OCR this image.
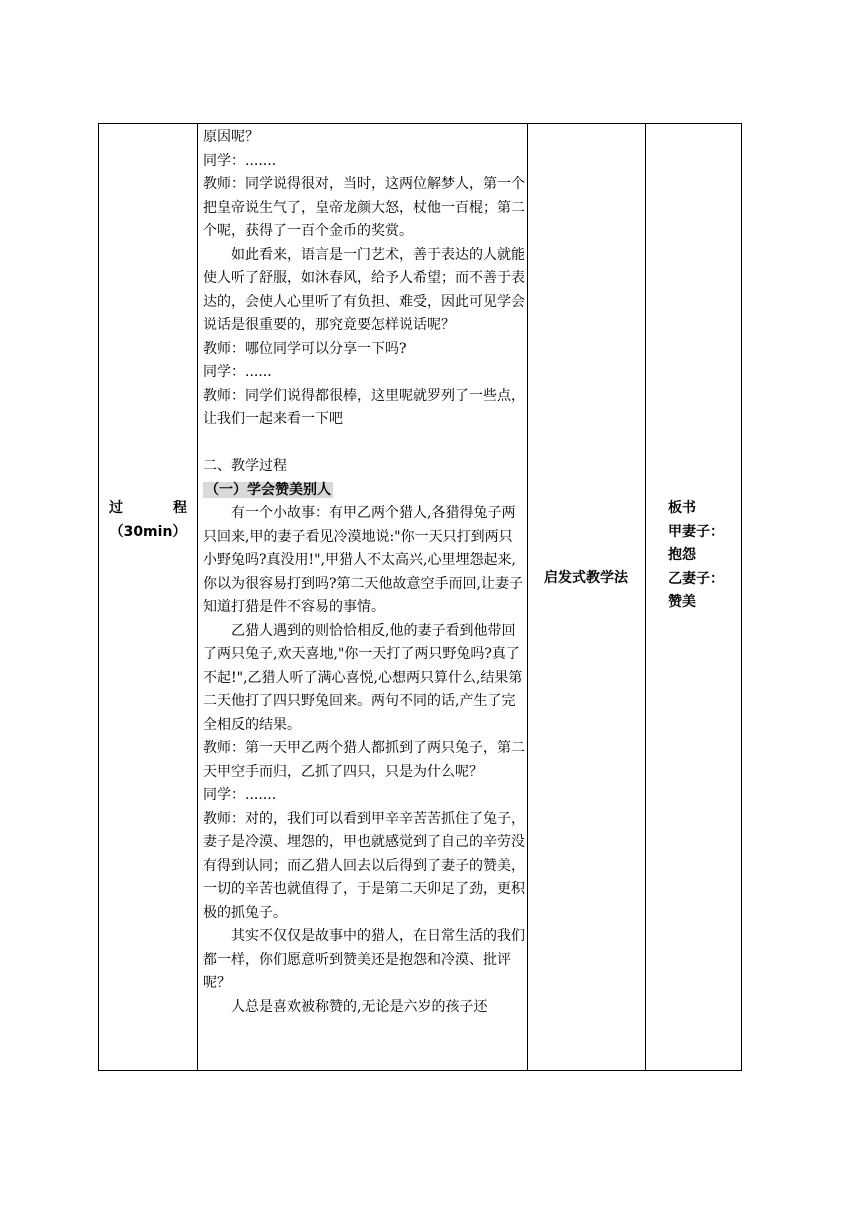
过	程
（30min）

原因呢？

同学：.......

教师：同学说得很对，当时，这两位解梦人，第一个把皇帝说生气了，皇帝龙颜大怒，杖他一百棍；第二个呢，获得了一百个金币的奖赏。

如此看来，语言是一门艺术，善于表达的人就能使人听了舒服，如沐春风，给予人希望；而不善于表达的，会使人心里听了有负担、难受，因此可见学会说话是很重要的，那究竟要怎样说话呢？

教师：哪位同学可以分享一下吗?

同学：......

教师：同学们说得都很棒，这里呢就罗列了一些点，让我们一起来看一下吧

二、教学过程

（一）学会赞美别人

有一个小故事：有甲乙两个猎人,各猎得兔子两只回来,甲的妻子看见冷漠地说:"你一天只打到两只小野兔吗?真没用!",甲猎人不太高兴,心里埋怨起来,你以为很容易打到吗?第二天他故意空手而回,让妻子知道打猎是件不容易的事情。

乙猎人遇到的则恰恰相反,他的妻子看到他带回了两只兔子,欢天喜地,"你一天打了两只野兔吗?真了不起!",乙猎人听了满心喜悦,心想两只算什么,结果第二天他打了四只野兔回来。两句不同的话,产生了完全相反的结果。

教师：第一天甲乙两个猎人都抓到了两只兔子，第二天甲空手而归，乙抓了四只，只是为什么呢？

同学：.......

教师：对的，我们可以看到甲辛辛苦苦抓住了兔子，妻子是冷漠、埋怨的，甲也就感觉到了自己的辛劳没有得到认同；而乙猎人回去以后得到了妻子的赞美，一切的辛苦也就值得了，于是第二天卯足了劲，更积极的抓兔子。

其实不仅仅是故事中的猎人，在日常生活的我们都一样，你们愿意听到赞美还是抱怨和冷漠、批评呢？

人总是喜欢被称赞的,无论是六岁的孩子还

启发式教学法
板书
甲妻子：
抱怨
乙妻子：
赞美
